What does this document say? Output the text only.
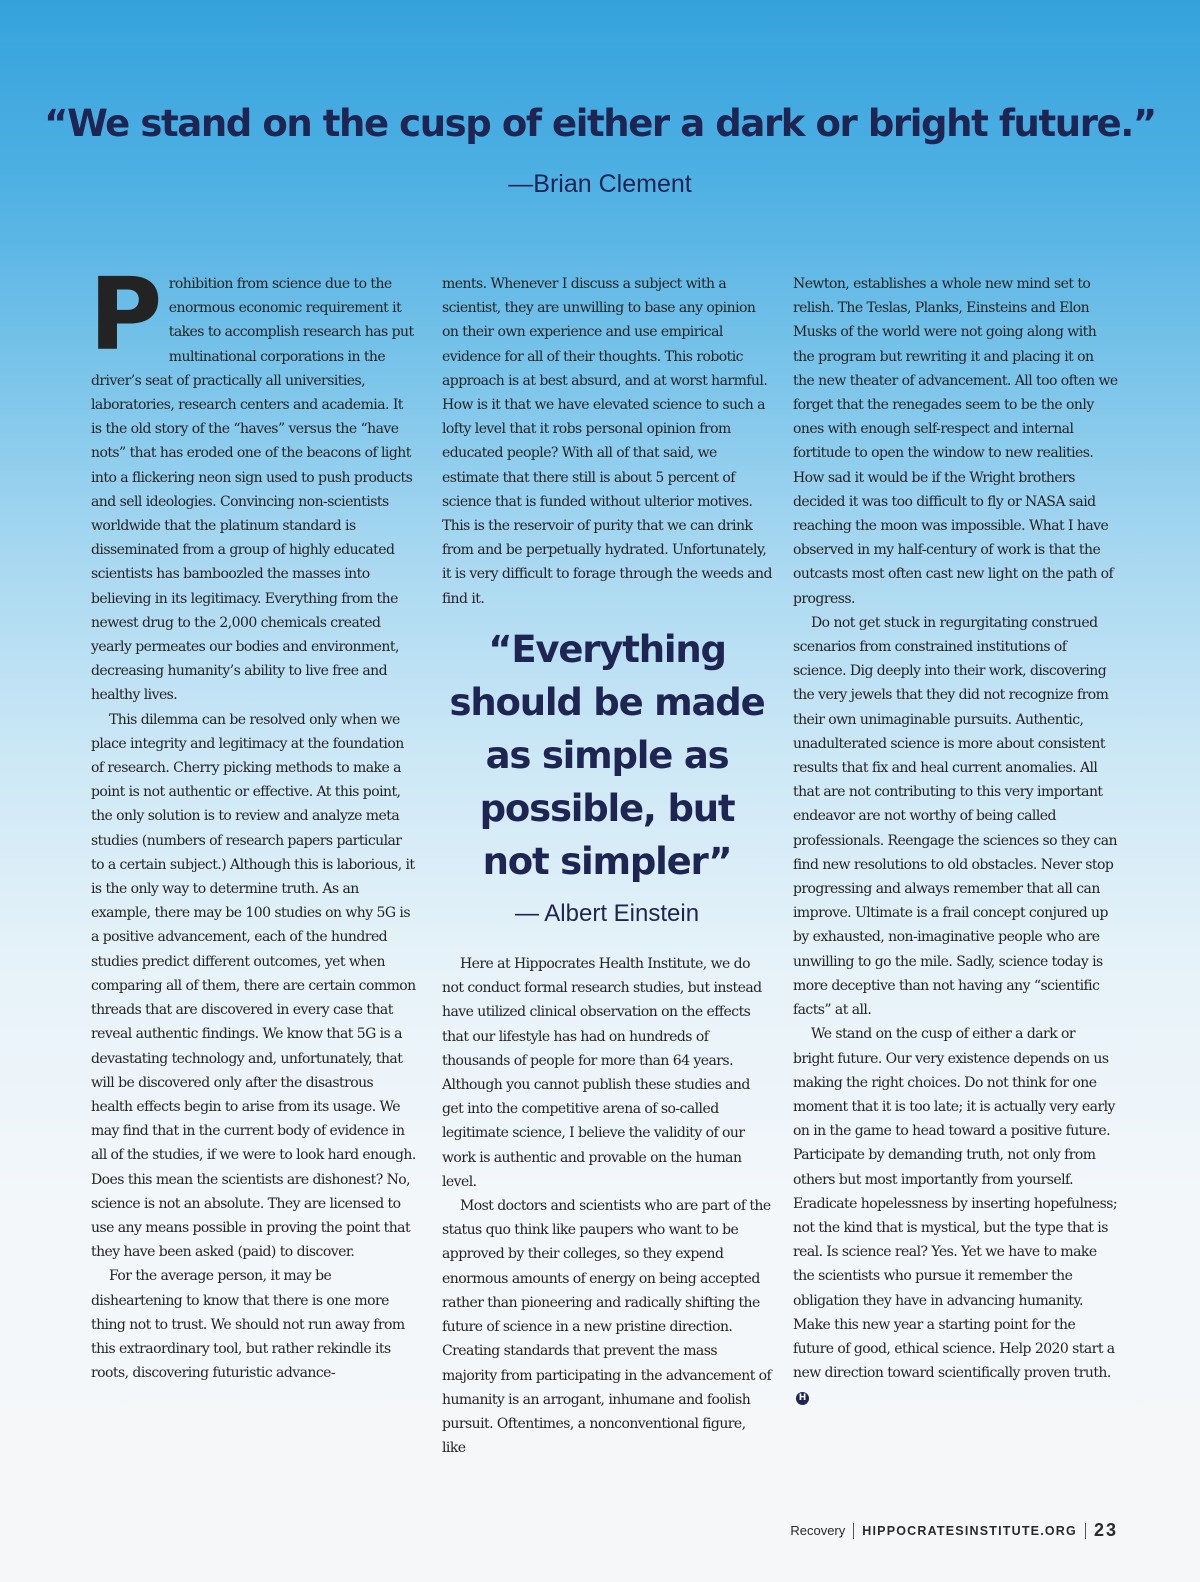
“We stand on the cusp of either a dark or bright future.”
—Brian Clement

Prohibition from science due to the enormous economic requirement it takes to accomplish research has put multinational corporations in the driver’s seat of practically all universities, laboratories, research centers and academia. It is the old story of the “haves” versus the “have nots” that has eroded one of the beacons of light into a flickering neon sign used to push products and sell ideologies. Convincing non-scientists worldwide that the platinum standard is disseminated from a group of highly educated scientists has bamboozled the masses into believing in its legitimacy. Everything from the newest drug to the 2,000 chemicals created yearly permeates our bodies and environment, decreasing humanity’s ability to live free and healthy lives.

This dilemma can be resolved only when we place integrity and legitimacy at the foundation of research. Cherry picking methods to make a point is not authentic or effective. At this point, the only solution is to review and analyze meta studies (numbers of research papers particular to a certain subject.) Although this is laborious, it is the only way to determine truth. As an example, there may be 100 studies on why 5G is a positive advancement, each of the hundred studies predict different outcomes, yet when comparing all of them, there are certain common threads that are discovered in every case that reveal authentic findings. We know that 5G is a devastating technology and, unfortunately, that will be discovered only after the disastrous health effects begin to arise from its usage. We may find that in the current body of evidence in all of the studies, if we were to look hard enough. Does this mean the scientists are dishonest? No, science is not an absolute. They are licensed to use any means possible in proving the point that they have been asked (paid) to discover.

For the average person, it may be disheartening to know that there is one more thing not to trust. We should not run away from this extraordinary tool, but rather rekindle its roots, discovering futuristic advance-

ments. Whenever I discuss a subject with a scientist, they are unwilling to base any opinion on their own experience and use empirical evidence for all of their thoughts. This robotic approach is at best absurd, and at worst harmful. How is it that we have elevated science to such a lofty level that it robs personal opinion from educated people? With all of that said, we estimate that there still is about 5 percent of science that is funded without ulterior motives. This is the reservoir of purity that we can drink from and be perpetually hydrated. Unfortunately, it is very difficult to forage through the weeds and find it.

“Everything should be made as simple as possible, but not simpler”
— Albert Einstein

Here at Hippocrates Health Institute, we do not conduct formal research studies, but instead have utilized clinical observation on the effects that our lifestyle has had on hundreds of thousands of people for more than 64 years. Although you cannot publish these studies and get into the competitive arena of so-called legitimate science, I believe the validity of our work is authentic and provable on the human level.

Most doctors and scientists who are part of the status quo think like paupers who want to be approved by their colleges, so they expend enormous amounts of energy on being accepted rather than pioneering and radically shifting the future of science in a new pristine direction. Creating standards that prevent the mass majority from participating in the advancement of humanity is an arrogant, inhumane and foolish pursuit. Oftentimes, a nonconventional figure, like

Newton, establishes a whole new mind set to relish. The Teslas, Planks, Einsteins and Elon Musks of the world were not going along with the program but rewriting it and placing it on the new theater of advancement. All too often we forget that the renegades seem to be the only ones with enough self-respect and internal fortitude to open the window to new realities. How sad it would be if the Wright brothers decided it was too difficult to fly or NASA said reaching the moon was impossible. What I have observed in my half-century of work is that the outcasts most often cast new light on the path of progress.

Do not get stuck in regurgitating construed scenarios from constrained institutions of science. Dig deeply into their work, discovering the very jewels that they did not recognize from their own unimaginable pursuits. Authentic, unadulterated science is more about consistent results that fix and heal current anomalies. All that are not contributing to this very important endeavor are not worthy of being called professionals. Reengage the sciences so they can find new resolutions to old obstacles. Never stop progressing and always remember that all can improve. Ultimate is a frail concept conjured up by exhausted, non-imaginative people who are unwilling to go the mile. Sadly, science today is more deceptive than not having any “scientific facts” at all.

We stand on the cusp of either a dark or bright future. Our very existence depends on us making the right choices. Do not think for one moment that it is too late; it is actually very early on in the game to head toward a positive future. Participate by demanding truth, not only from others but most importantly from yourself. Eradicate hopelessness by inserting hopefulness; not the kind that is mystical, but the type that is real. Is science real? Yes. Yet we have to make the scientists who pursue it remember the obligation they have in advancing humanity. Make this new year a starting point for the future of good, ethical science. Help 2020 start a new direction toward scientifically proven truth.H

Recovery HIPPOCRATESINSTITUTE.ORG 23
